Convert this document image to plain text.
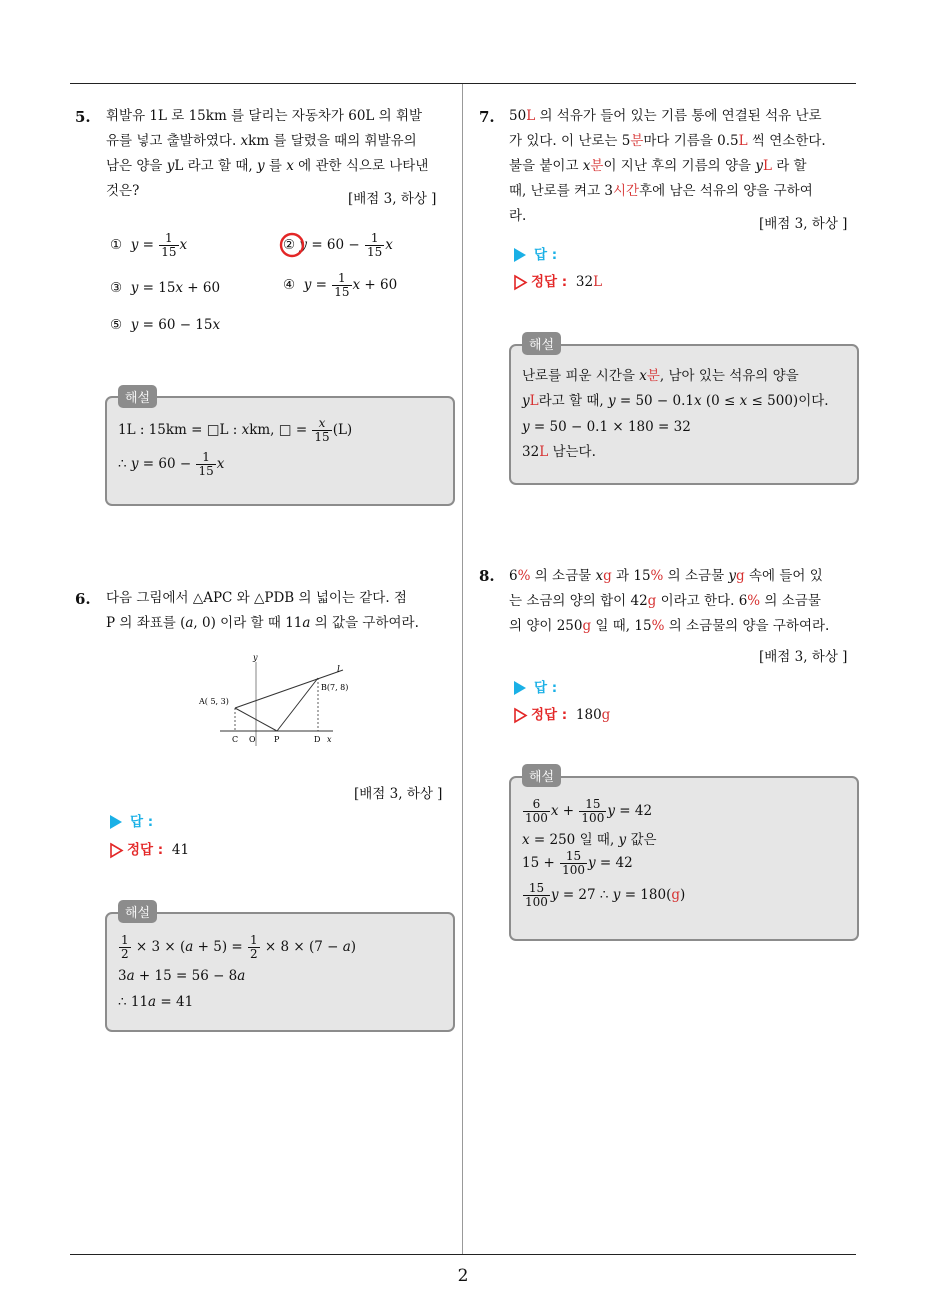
2
5. 휘발유 1L 로 15km 를 달리는 자동차가 60L 의 휘발
유를 넣고 출발하였다. 𝑥km 를 달렸을 때의 휘발유의
남은 양을 𝑦L 라고 할 때, 𝑦 를 𝑥 에 관한 식으로 나타낸
것은?	[배점 3, 하상 ]
① 𝑦 = $\frac{1}{15}$ 𝑥	② 𝑦 = $60 - \frac{1}{15}$ 𝑥
③ 𝑦 = 15𝑥 + 60	④ 𝑦 = $\frac{1}{15}$ 𝑥 + 60
⑤ 𝑦 = 60 − 15𝑥
해설
1L : 15km = □L : 𝑥km, □ = $\frac{\text{𝑥}}{15} (L)$
∴ 𝑦 = $60 - \frac{1}{15}$ 𝑥
6. 다음 그림에서 △APC 와 △PDB 의 넓이는 같다. 점
P 의 좌표를 (𝑎, 0) 이라 할 때 11𝑎 의 값을 구하여라.
𝑦
𝑙
A( 5, 3)
B(7, 8)
C O P	D 𝑥
[배점 3, 하상 ]
답 :
정답 : 41
해설
$\frac{1}{2} \times 3$ × (𝑎 + $5) = \frac{1}{2} \times 8 \times (7$ − 𝑎)
3𝑎 + 15 = 56 − 8𝑎
∴ 11𝑎 = 41
7. 50L 의 석유가 들어 있는 기름 통에 연결된 석유 난로
가 있다. 이 난로는 5분마다 기름을 0.5L 씩 연소한다.
불을 붙이고 𝑥분이 지난 후의 기름의 양을 𝑦L 라 할
때, 난로를 켜고 3시간후에 남은 석유의 양을 구하여
라.	[배점 3, 하상 ]
답 :
정답 : 32L
해설
난로를 피운 시간을 𝑥분, 남아 있는 석유의 양을
𝑦L라고 할 때, 𝑦 = 50 − 0.1𝑥 (0 ≤ 𝑥 ≤ 500)이다.
𝑦 = 50 − 0.1 × 180 = 32
32L 남는다.
8. 6% 의 소금물 𝑥g 과 15% 의 소금물 𝑦g 속에 들어 있
는 소금의 양의 합이 42g 이라고 한다. 6% 의 소금물
의 양이 250g 일 때, 15% 의 소금물의 양을 구하여라.
[배점 3, 하상 ]
답 :
정답 : 180g
해설
$\frac{6}{100}$ 𝑥 + $\frac{15}{100}$ 𝑦 = 42
𝑥 = 250 일 때, 𝑦 값은
$15 + \frac{15}{100}$ 𝑦 = 42
$\frac{15}{100}$ 𝑦 = 27 ∴ 𝑦 = 180(g)
